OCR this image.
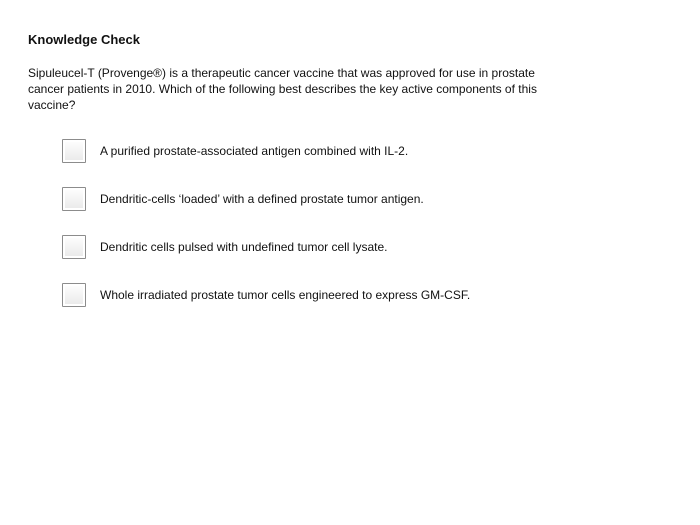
Knowledge Check
Sipuleucel-T (Provenge®) is a therapeutic cancer vaccine that was approved for use in prostate cancer patients in 2010. Which of the following best describes the key active components of this vaccine?
A purified prostate-associated antigen combined with IL-2.
Dendritic-cells ‘loaded’ with a defined prostate tumor antigen.
Dendritic cells pulsed with undefined tumor cell lysate.
Whole irradiated prostate tumor cells engineered to express GM-CSF.
